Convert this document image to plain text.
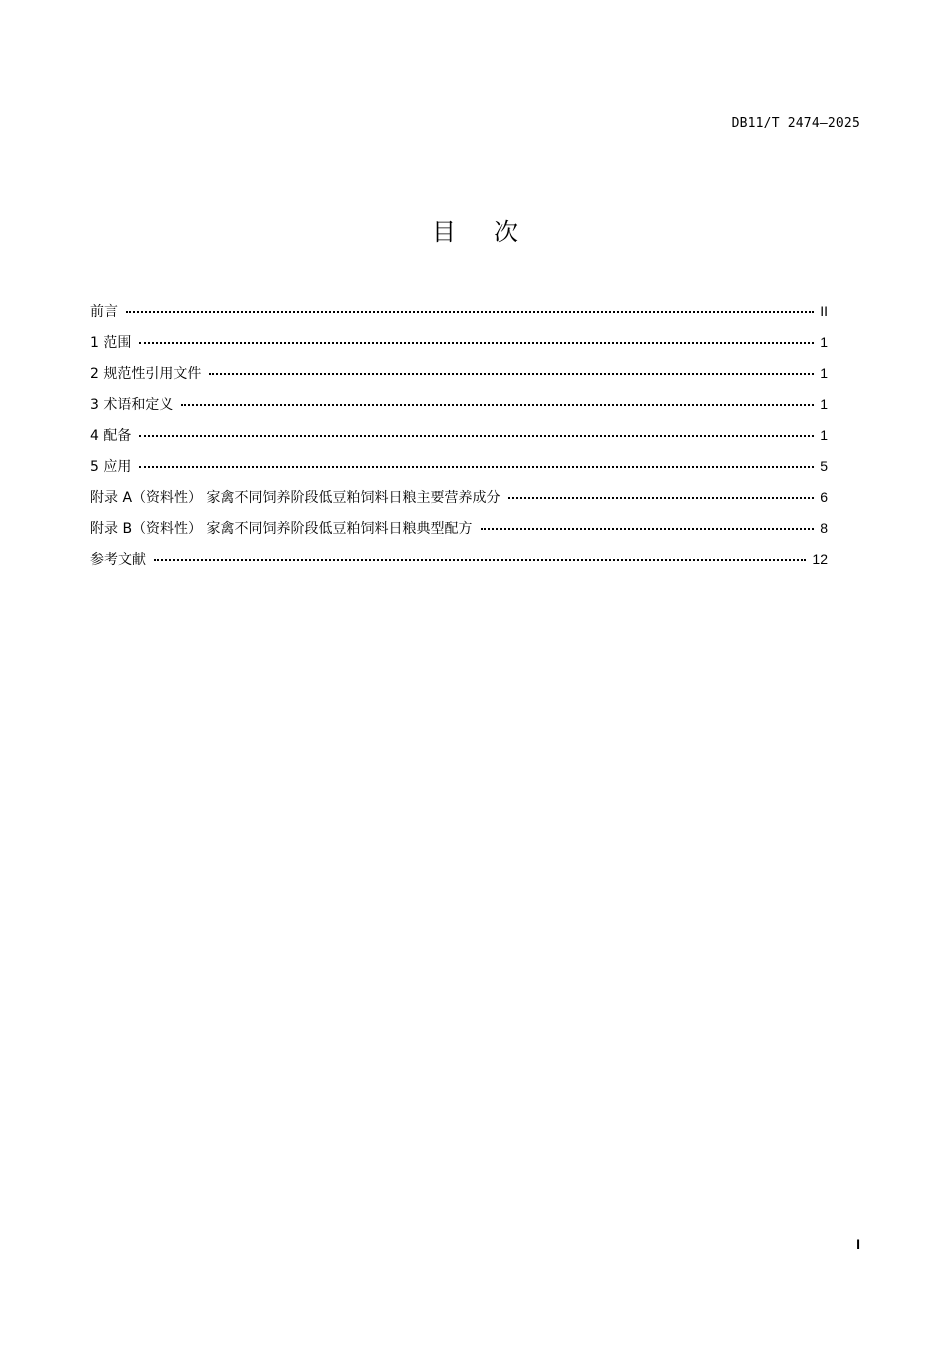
DB11/T 2474—2025
目次
前言	II
1 范围	1
2 规范性引用文件	1
3 术语和定义	1
4 配备	1
5 应用	5
附录 A（资料性） 家禽不同饲养阶段低豆粕饲料日粮主要营养成分	6
附录 B（资料性） 家禽不同饲养阶段低豆粕饲料日粮典型配方	8
参考文献	12
I
